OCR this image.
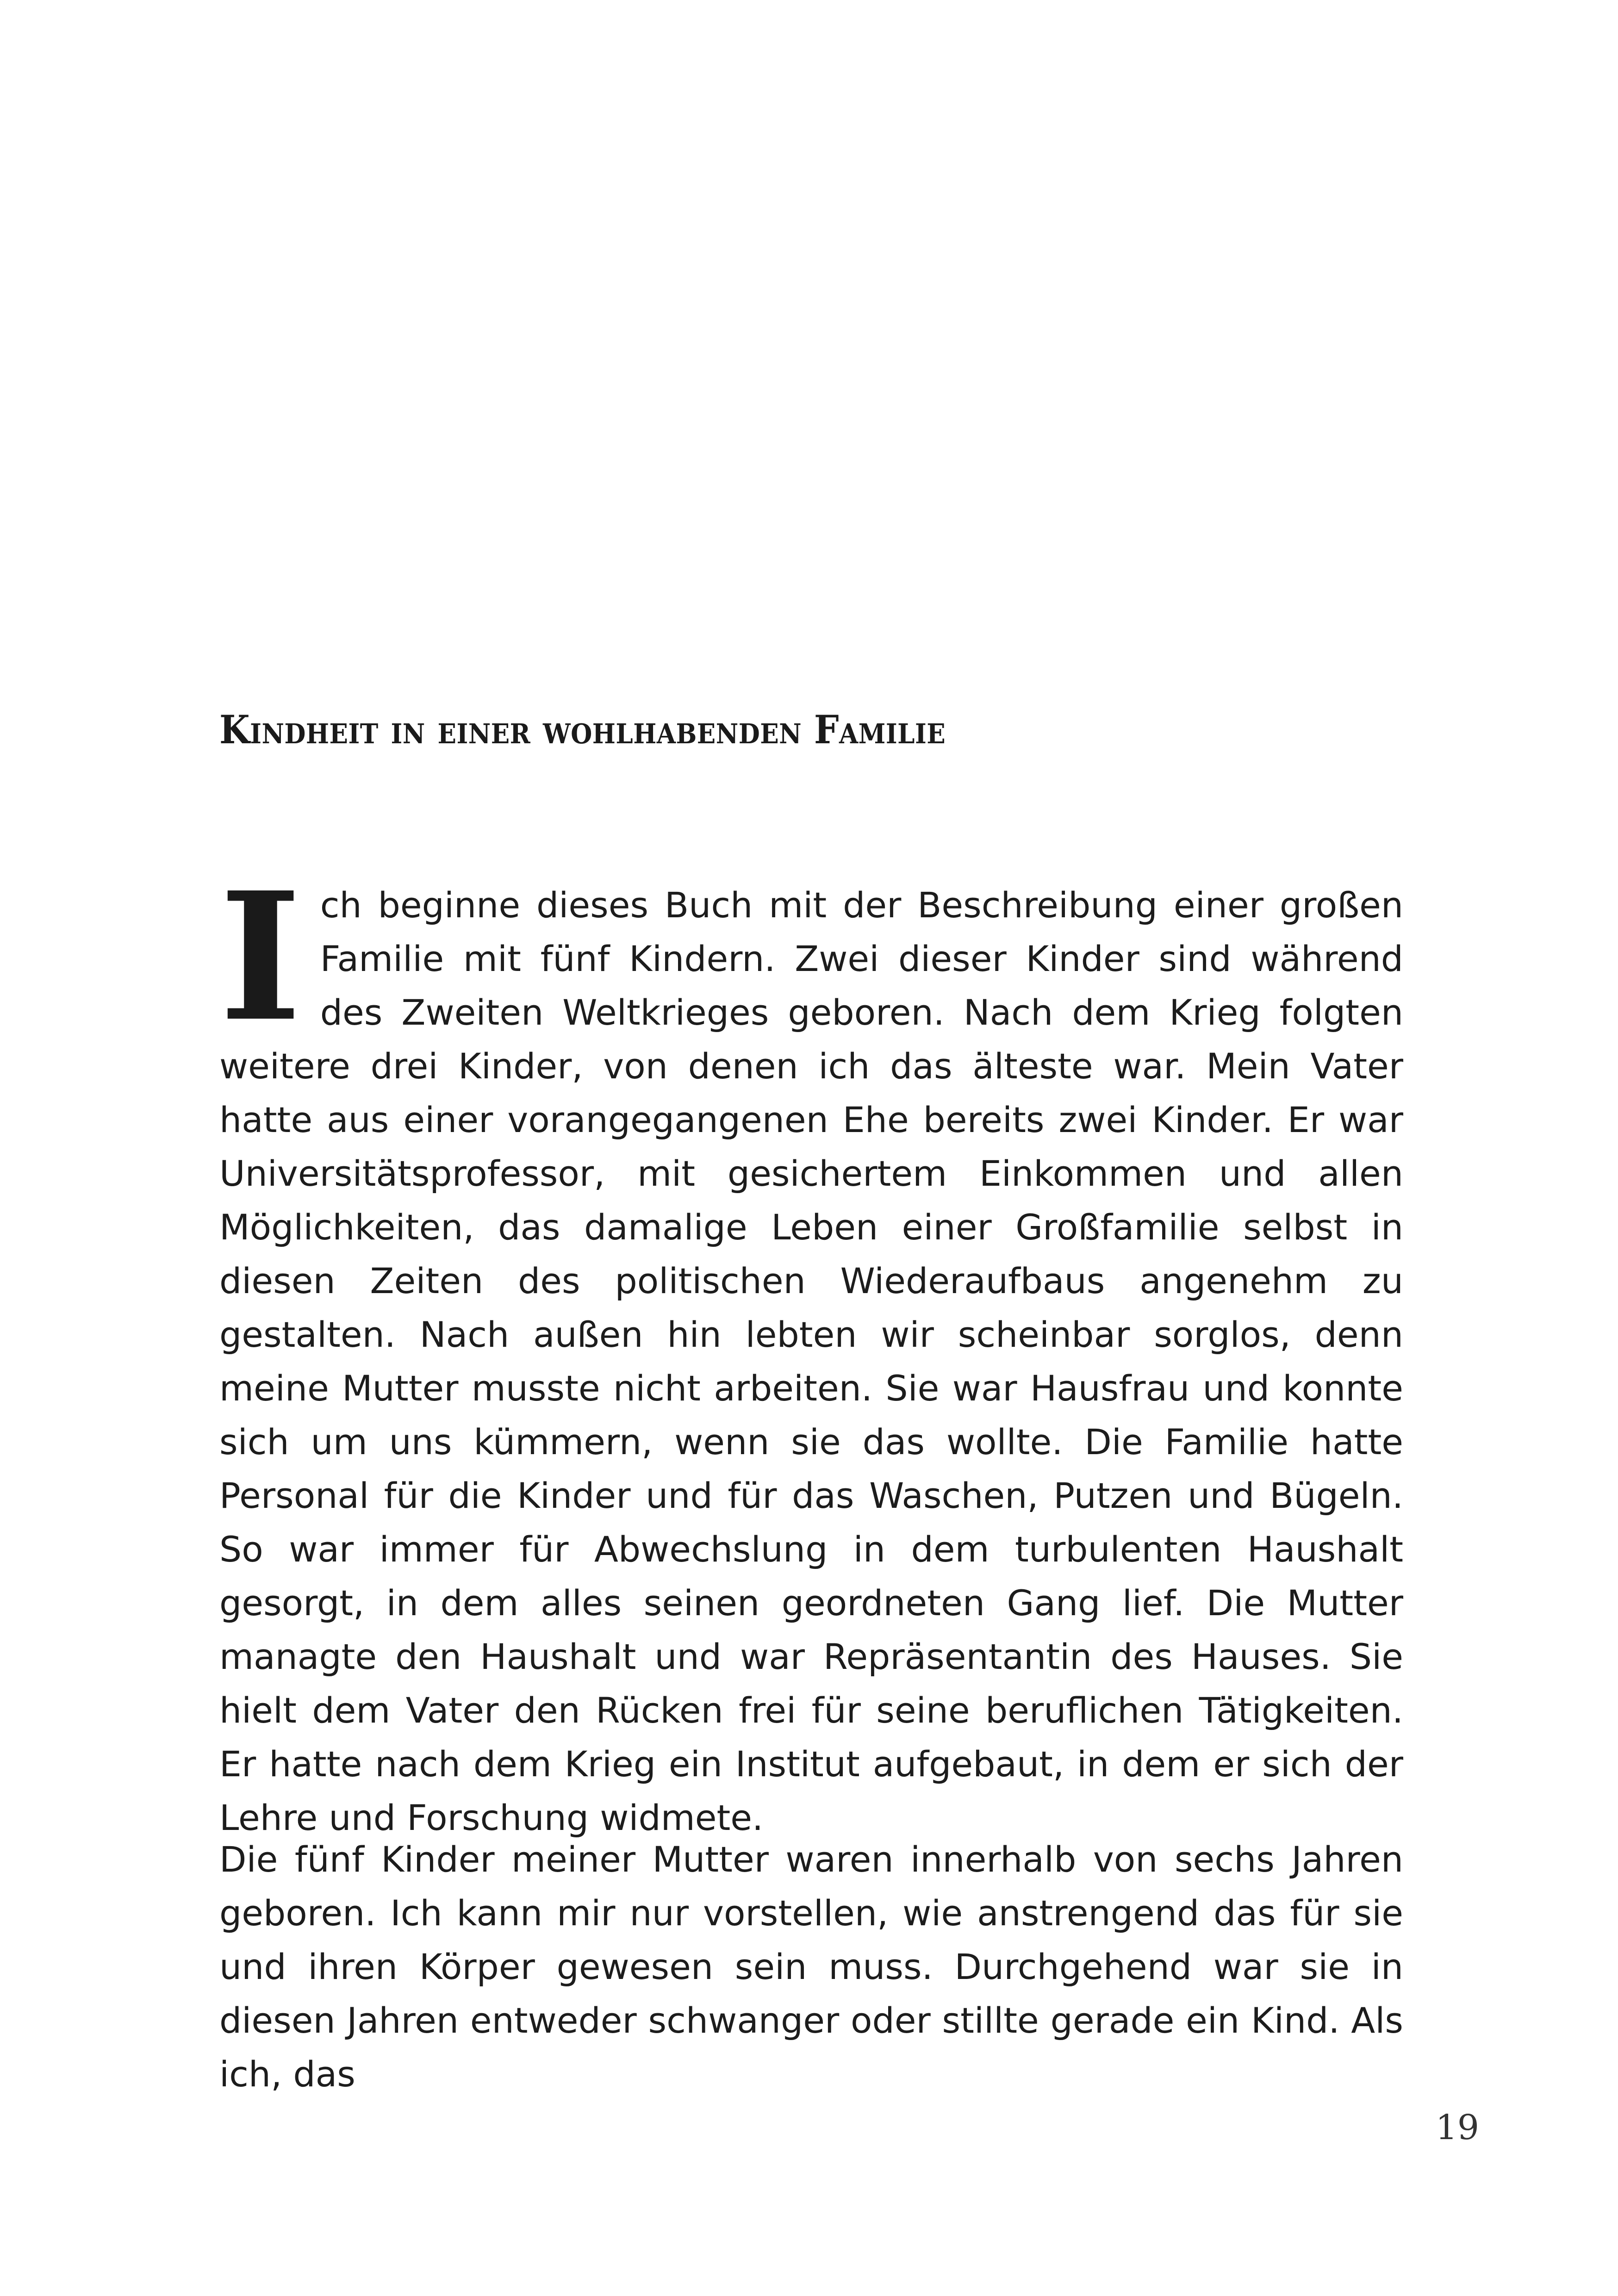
Kindheit in einer wohlhabenden Familie

Ich beginne dieses Buch mit der Beschreibung einer großen Familie mit fünf Kindern. Zwei dieser Kinder sind während des Zweiten Weltkrieges geboren. Nach dem Krieg folgten weitere drei Kinder, von denen ich das älteste war. Mein Vater hatte aus einer vorangegangenen Ehe bereits zwei Kinder. Er war Universitätsprofessor, mit gesichertem Einkommen und allen Möglichkeiten, das damalige Leben einer Großfamilie selbst in diesen Zeiten des politischen Wiederaufbaus angenehm zu gestalten. Nach außen hin lebten wir scheinbar sorglos, denn meine Mutter musste nicht arbeiten. Sie war Hausfrau und konnte sich um uns kümmern, wenn sie das wollte. Die Familie hatte Personal für die Kinder und für das Waschen, Putzen und Bügeln. So war immer für Abwechslung in dem turbulenten Haushalt gesorgt, in dem alles seinen geordneten Gang lief. Die Mutter managte den Haushalt und war Repräsentantin des Hauses. Sie hielt dem Vater den Rücken frei für seine beruflichen Tätigkeiten. Er hatte nach dem Krieg ein Institut aufgebaut, in dem er sich der Lehre und Forschung widmete.

Die fünf Kinder meiner Mutter waren innerhalb von sechs Jahren geboren. Ich kann mir nur vorstellen, wie anstrengend das für sie und ihren Körper gewesen sein muss. Durchgehend war sie in diesen Jahren entweder schwanger oder stillte gerade ein Kind. Als ich, das

19
